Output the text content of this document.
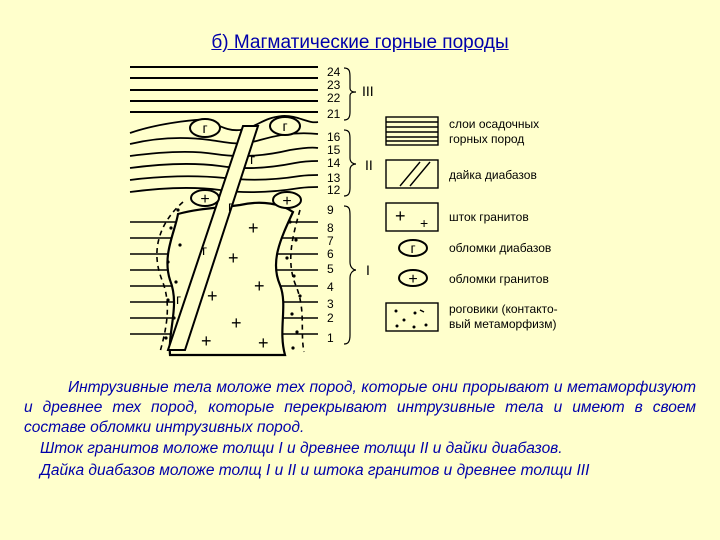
б) Магматические горные породы
г	г
+	+
г
г
г
г
+
+
+
+
+
+	+
24
23
22
21
16
15
14
13
12
9
8
7
6
5
4
3
2
1
III
II
I
+ +
г
+
слои осадочных
горных пород
дайка диабазов
шток гранитов
обломки диабазов
обломки гранитов
роговики (контакто-
вый метаморфизм)
Интрузивные тела моложе тех пород, которые они прорывают и метаморфизуют и древнее тех пород, которые перекрывают интрузивные тела и имеют в своем составе обломки интрузивных пород.
Шток гранитов моложе толщи I и древнее толщи II и дайки диабазов.
Дайка диабазов моложе толщ I и II и штока гранитов и древнее толщи III
